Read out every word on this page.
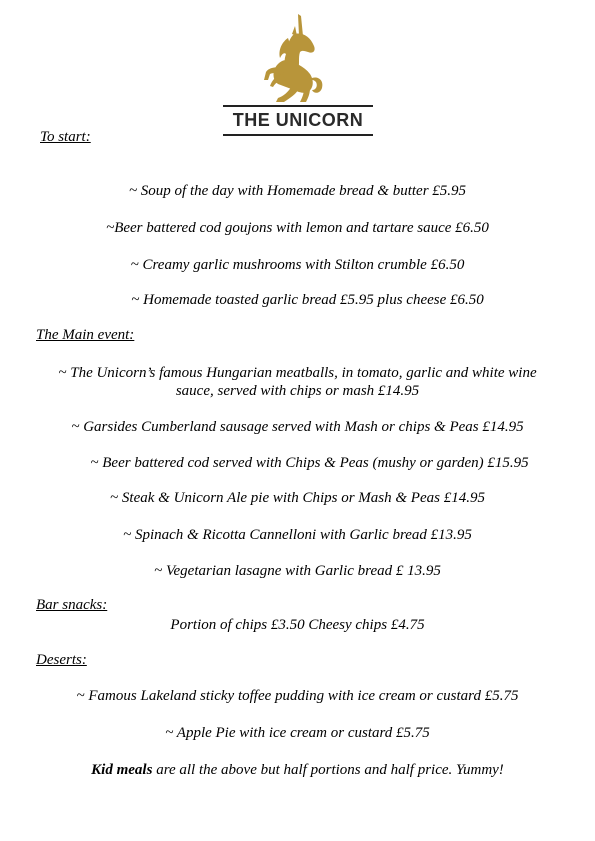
THE UNICORN
To start:
~ Soup of the day with Homemade bread & butter £5.95
~Beer battered cod goujons with lemon and tartare sauce £6.50
~ Creamy garlic mushrooms with Stilton crumble £6.50
~ Homemade toasted garlic bread £5.95 plus cheese £6.50
The Main event:
~ The Unicorn’s famous Hungarian meatballs, in tomato, garlic and white wine
sauce, served with chips or mash £14.95
~ Garsides Cumberland sausage served with Mash or chips & Peas £14.95
~ Beer battered cod served with Chips & Peas (mushy or garden) £15.95
~ Steak & Unicorn Ale pie with Chips or Mash & Peas £14.95
~ Spinach & Ricotta Cannelloni with Garlic bread £13.95
~ Vegetarian lasagne with Garlic bread £ 13.95
Bar snacks:
Portion of chips £3.50 Cheesy chips £4.75
Deserts:
~ Famous Lakeland sticky toffee pudding with ice cream or custard £5.75
~ Apple Pie with ice cream or custard £5.75
Kid meals are all the above but half portions and half price. Yummy!
